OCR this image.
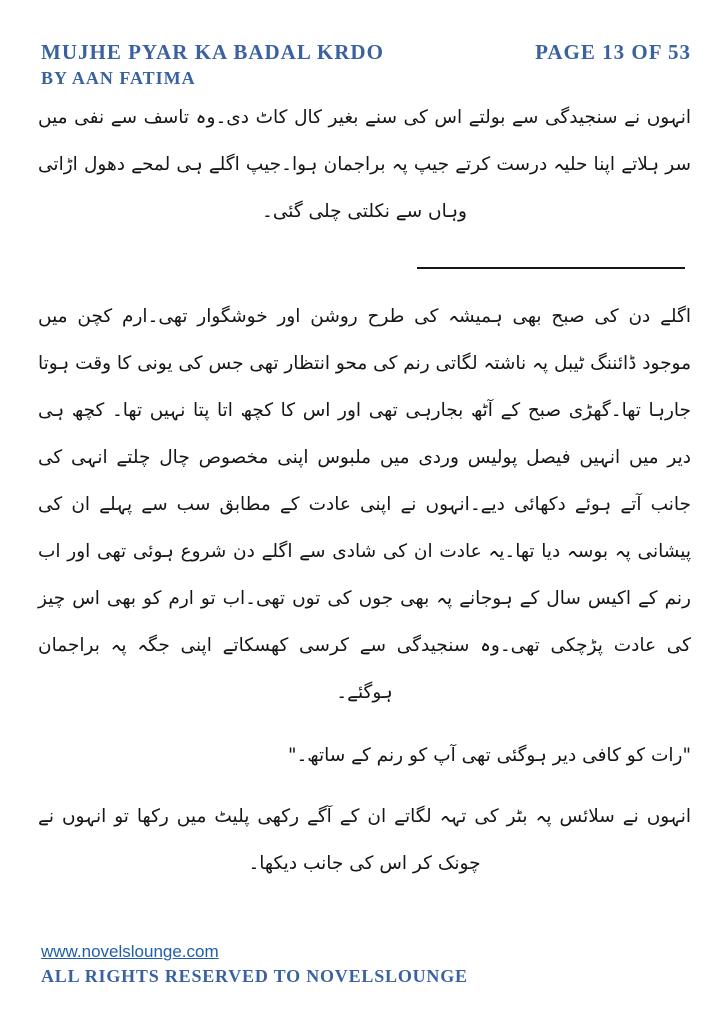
MUJHE PYAR KA BADAL KRDO	PAGE 13 OF 53
BY AAN FATIMA

انہوں نے سنجیدگی سے بولتے اس کی سنے بغیر کال کاٹ دی۔وہ تاسف سے نفی میں سر ہلاتے اپنا حلیہ درست کرتے جیپ پہ براجمان ہوا۔جیپ اگلے ہی لمحے دھول اڑاتی وہاں سے نکلتی چلی گئی۔

اگلے دن کی صبح بھی ہمیشہ کی طرح روشن اور خوشگوار تھی۔ارم کچن میں موجود ڈائننگ ٹیبل پہ ناشتہ لگاتی رنم کی محو انتظار تھی جس کی یونی کا وقت ہوتا جارہا تھا۔گھڑی صبح کے آٹھ بجارہی تھی اور اس کا کچھ اتا پتا نہیں تھا۔ کچھ ہی دیر میں انہیں فیصل پولیس وردی میں ملبوس اپنی مخصوص چال چلتے انہی کی جانب آتے ہوئے دکھائی دیے۔انہوں نے اپنی عادت کے مطابق سب سے پہلے ان کی پیشانی پہ بوسہ دیا تھا۔یہ عادت ان کی شادی سے اگلے دن شروع ہوئی تھی اور اب رنم کے اکیس سال کے ہوجانے پہ بھی جوں کی توں تھی۔اب تو ارم کو بھی اس چیز کی عادت پڑچکی تھی۔وہ سنجیدگی سے کرسی کھسکاتے اپنی جگہ پہ براجمان ہوگئے۔

"رات کو کافی دیر ہوگئی تھی آپ کو رنم کے ساتھ۔"

انہوں نے سلائس پہ بٹر کی تہہ لگاتے ان کے آگے رکھی پلیٹ میں رکھا تو انہوں نے چونک کر اس کی جانب دیکھا۔

www.novelslounge.com
ALL RIGHTS RESERVED TO NOVELSLOUNGE
